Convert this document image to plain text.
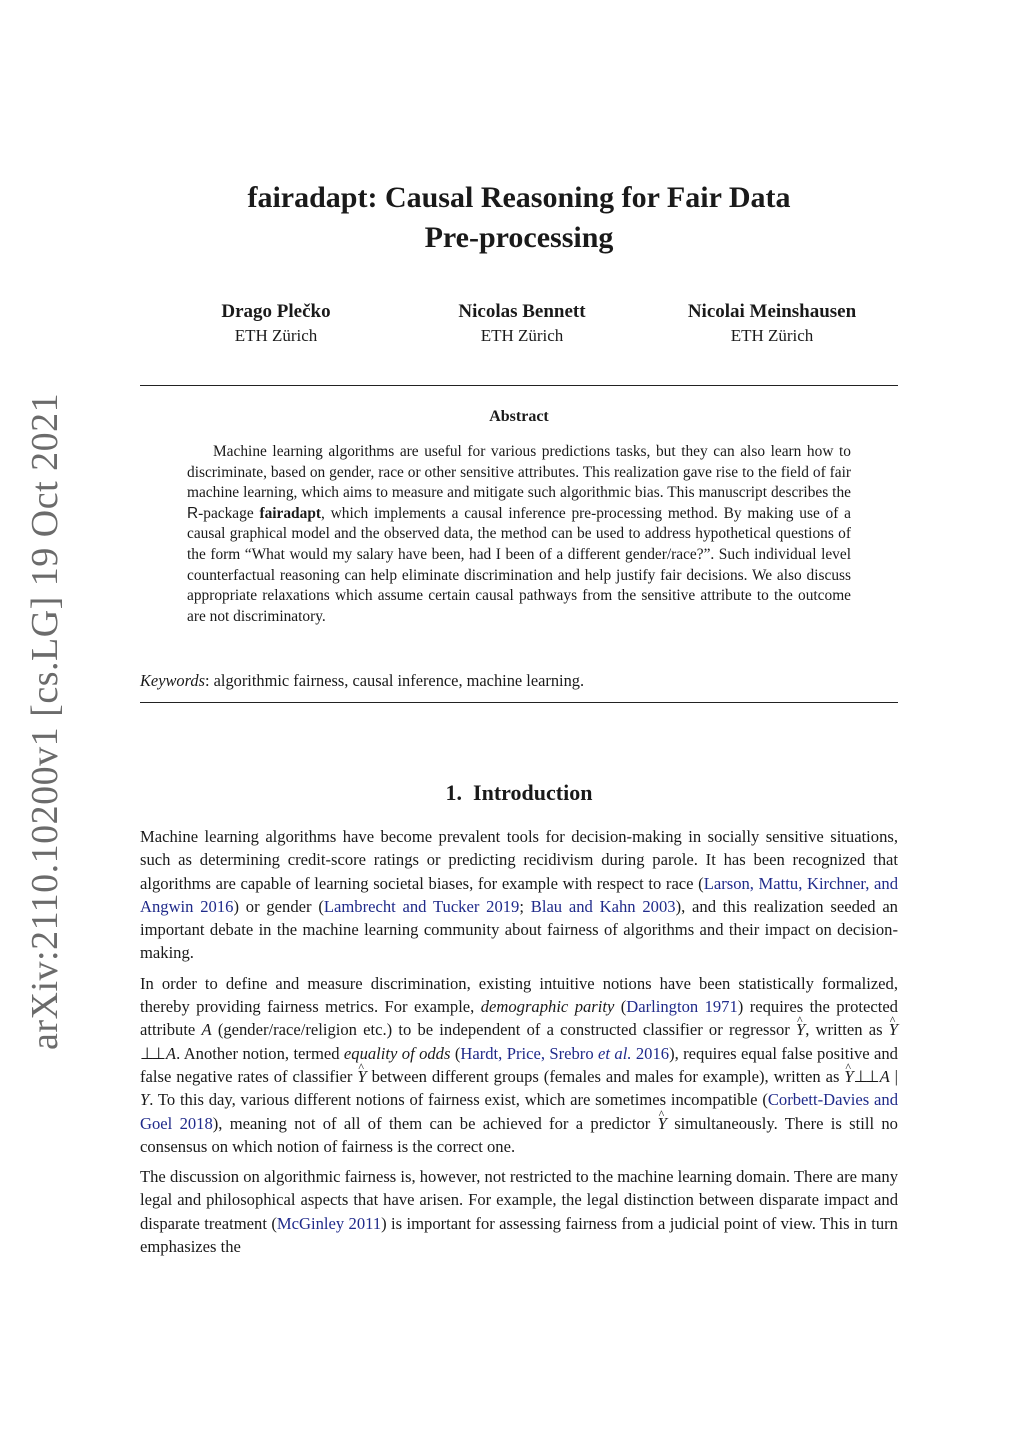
arXiv:2110.10200v1 [cs.LG] 19 Oct 2021
fairadapt: Causal Reasoning for Fair Data
Pre-processing
Drago Plečko
ETH Zürich
Nicolas Bennett
ETH Zürich
Nicolai Meinshausen
ETH Zürich
Abstract
Machine learning algorithms are useful for various predictions tasks, but they can also learn how to discriminate, based on gender, race or other sensitive attributes. This realization gave rise to the field of fair machine learning, which aims to measure and mitigate such algorithmic bias. This manuscript describes the R-package fairadapt, which implements a causal inference pre-processing method. By making use of a causal graphical model and the observed data, the method can be used to address hypothetical questions of the form “What would my salary have been, had I been of a different gender/race?”. Such individual level counterfactual reasoning can help eliminate discrimination and help justify fair decisions. We also discuss appropriate relaxations which assume certain causal pathways from the sensitive attribute to the outcome are not discriminatory.
Keywords: algorithmic fairness, causal inference, machine learning.
1. Introduction

Machine learning algorithms have become prevalent tools for decision-making in socially sensitive situations, such as determining credit-score ratings or predicting recidivism during parole. It has been recognized that algorithms are capable of learning societal biases, for example with respect to race (Larson, Mattu, Kirchner, and Angwin 2016) or gender (Lambrecht and Tucker 2019; Blau and Kahn 2003), and this realization seeded an important debate in the machine learning community about fairness of algorithms and their impact on decision-making.

In order to define and measure discrimination, existing intuitive notions have been statistically formalized, thereby providing fairness metrics. For example, demographic parity (Darlington 1971) requires the protected attribute A (gender/race/religion etc.) to be independent of a constructed classifier or regressor ^ Y, written as ^ Y⊥⊥ A. Another notion, termed equality of odds (Hardt, Price, Srebro et al. 2016), requires equal false positive and false negative rates of classifier ^ Y between different groups (females and males for example), written as ^ Y⊥⊥ A | Y. To this day, various different notions of fairness exist, which are sometimes incompatible (Corbett-Davies and Goel 2018), meaning not of all of them can be achieved for a predictor ^ Y simultaneously. There is still no consensus on which notion of fairness is the correct one.

The discussion on algorithmic fairness is, however, not restricted to the machine learning domain. There are many legal and philosophical aspects that have arisen. For example, the legal distinction between disparate impact and disparate treatment (McGinley 2011) is important for assessing fairness from a judicial point of view. This in turn emphasizes the
